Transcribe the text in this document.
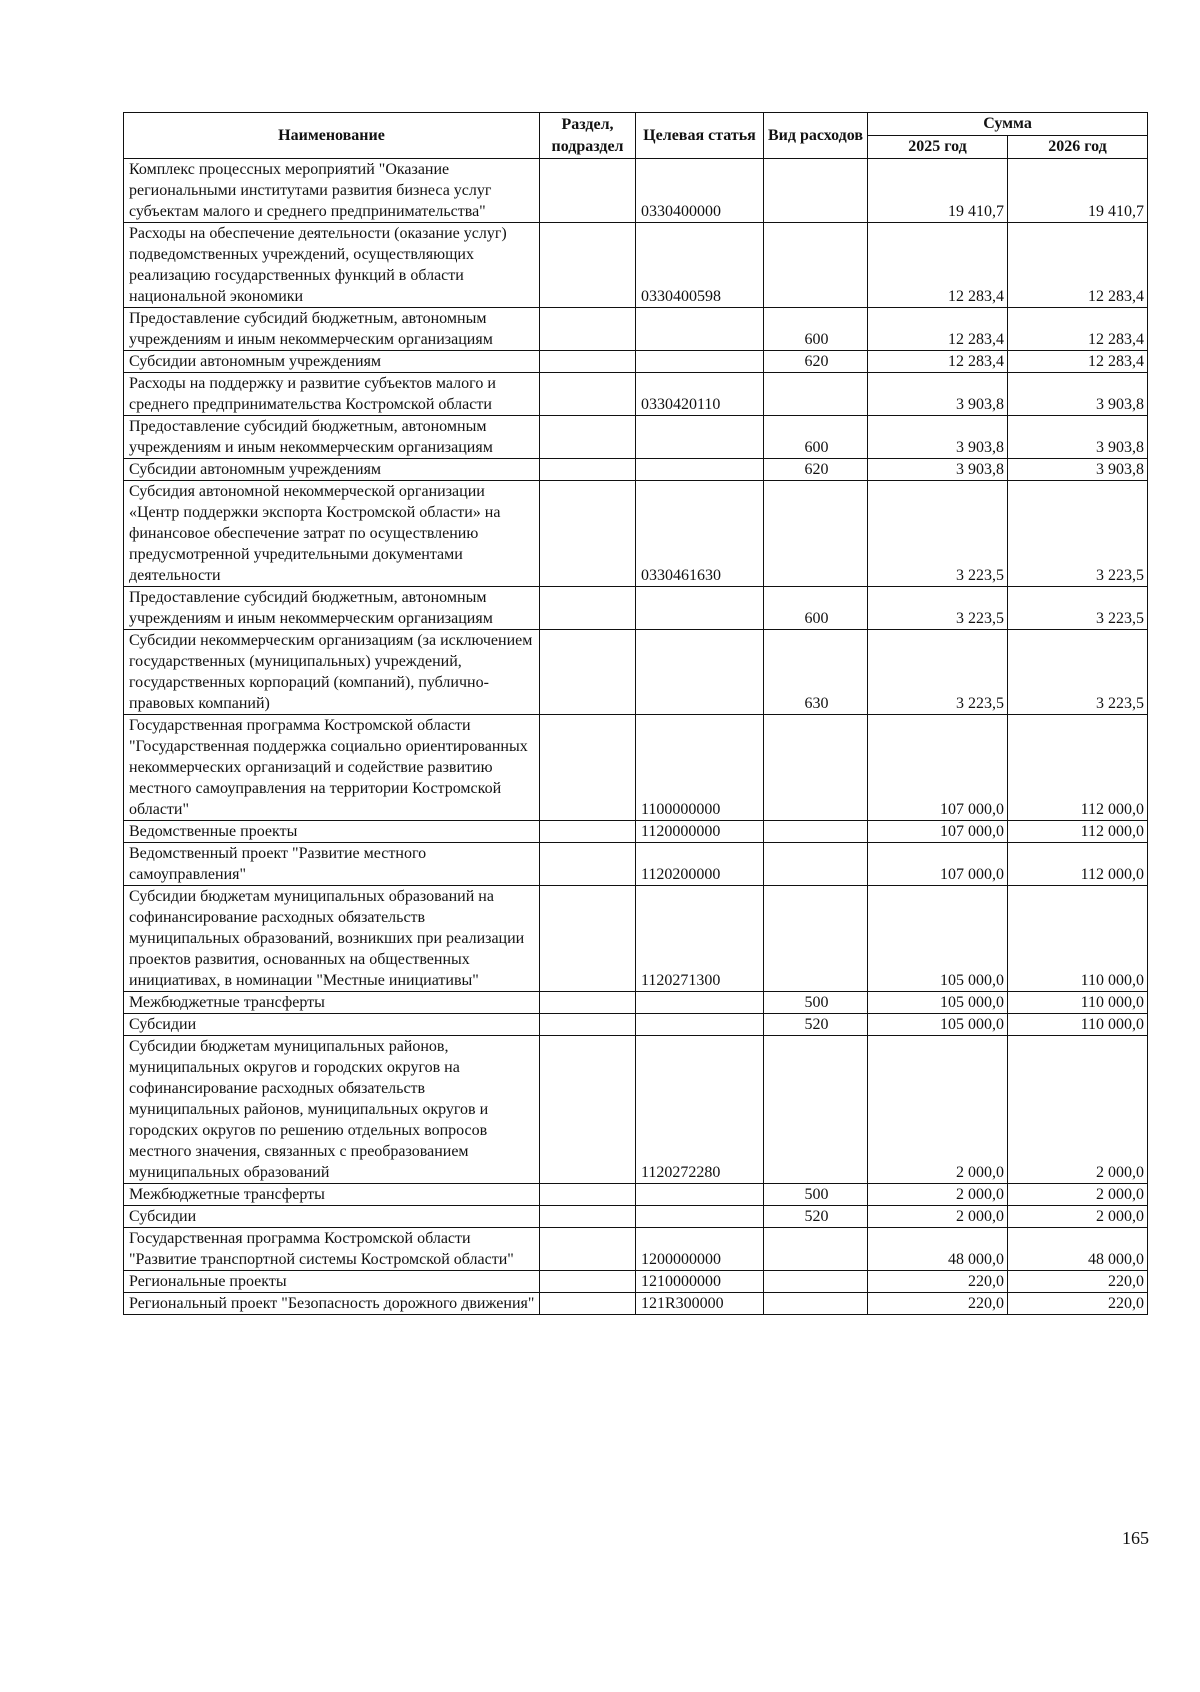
Наименование	Раздел, подраздел	Целевая статья	Вид расходов	Сумма	
				2025 год	2026 год
Комплекс процессных мероприятий "Оказание региональными институтами развития бизнеса услуг субъектам малого и среднего предпринимательства"		0330400000		19 410,7	19 410,7
Расходы на обеспечение деятельности (оказание услуг) подведомственных учреждений, осуществляющих реализацию государственных функций в области национальной экономики		0330400598		12 283,4	12 283,4
Предоставление субсидий бюджетным, автономным учреждениям и иным некоммерческим организациям			600	12 283,4	12 283,4
Субсидии автономным учреждениям			620	12 283,4	12 283,4
Расходы на поддержку и развитие субъектов малого и среднего предпринимательства Костромской области		0330420110		3 903,8	3 903,8
Предоставление субсидий бюджетным, автономным учреждениям и иным некоммерческим организациям			600	3 903,8	3 903,8
Субсидии автономным учреждениям			620	3 903,8	3 903,8
Субсидия автономной некоммерческой организации «Центр поддержки экспорта Костромской области» на финансовое обеспечение затрат по осуществлению предусмотренной учредительными документами деятельности		0330461630		3 223,5	3 223,5
Предоставление субсидий бюджетным, автономным учреждениям и иным некоммерческим организациям			600	3 223,5	3 223,5
Субсидии некоммерческим организациям (за исключением государственных (муниципальных) учреждений, государственных корпораций (компаний), публично-правовых компаний)			630	3 223,5	3 223,5
Государственная программа Костромской области "Государственная поддержка социально ориентированных некоммерческих организаций и содействие развитию местного самоуправления на территории Костромской области"		1100000000		107 000,0	112 000,0
Ведомственные проекты		1120000000		107 000,0	112 000,0
Ведомственный проект "Развитие местного самоуправления"		1120200000		107 000,0	112 000,0
Субсидии бюджетам муниципальных образований на софинансирование расходных обязательств муниципальных образований, возникших при реализации проектов развития, основанных на общественных инициативах, в номинации "Местные инициативы"		1120271300		105 000,0	110 000,0
Межбюджетные трансферты			500	105 000,0	110 000,0
Субсидии			520	105 000,0	110 000,0
Субсидии бюджетам муниципальных районов, муниципальных округов и городских округов на софинансирование расходных обязательств муниципальных районов, муниципальных округов и городских округов по решению отдельных вопросов местного значения, связанных с преобразованием муниципальных образований		1120272280		2 000,0	2 000,0
Межбюджетные трансферты			500	2 000,0	2 000,0
Субсидии			520	2 000,0	2 000,0
Государственная программа Костромской области "Развитие транспортной системы Костромской области"		1200000000		48 000,0	48 000,0
Региональные проекты		1210000000		220,0	220,0
Региональный проект "Безопасность дорожного движения"		121R300000		220,0	220,0
165
